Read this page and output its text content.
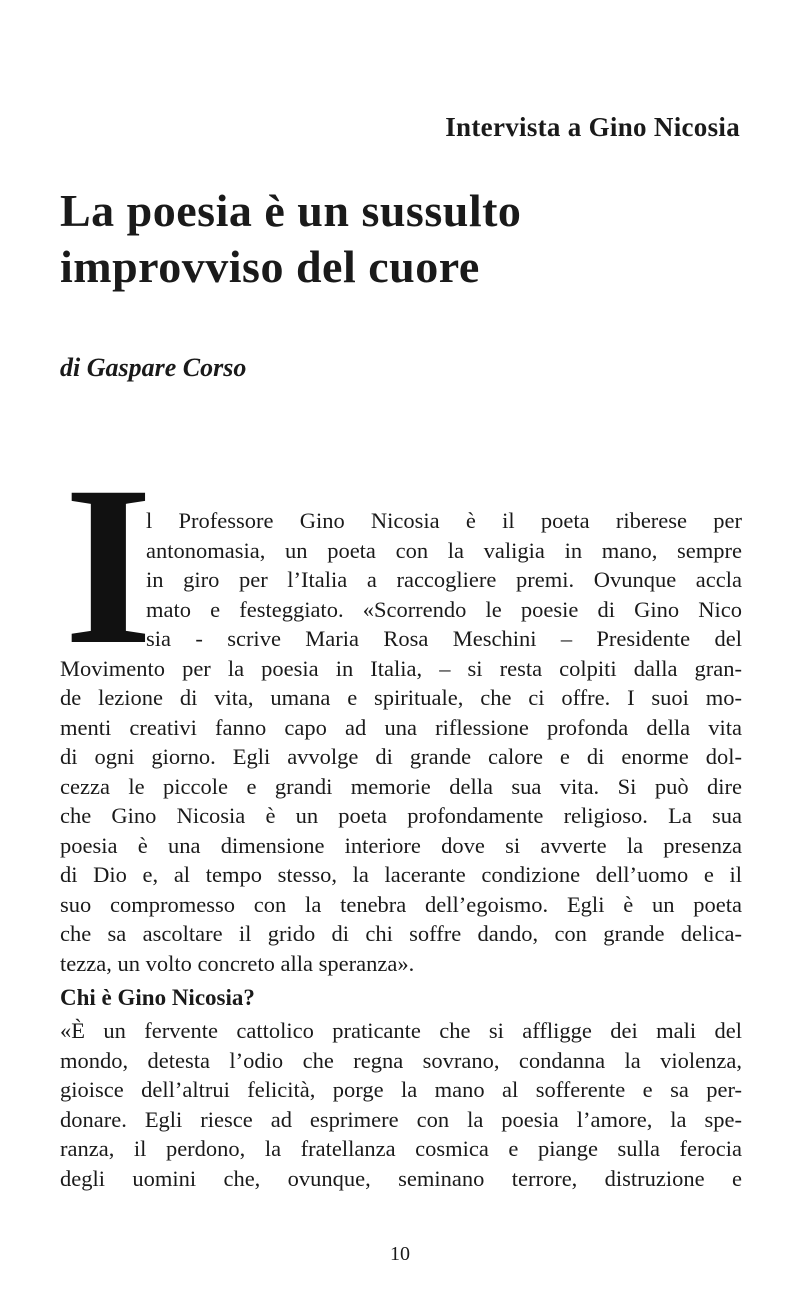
Intervista a Gino Nicosia
La poesia è un sussulto
improvviso del cuore
di Gaspare Corso
I
l Professore Gino Nicosia è il poeta riberese per
antonomasia, un poeta con la valigia in mano, sempre
in giro per l’Italia a raccogliere premi. Ovunque accla
mato e festeggiato. «Scorrendo le poesie di Gino Nico
sia - scrive Maria Rosa Meschini – Presidente del
Movimento per la poesia in Italia, – si resta colpiti dalla gran-
de lezione di vita, umana e spirituale, che ci offre. I suoi mo-
menti creativi fanno capo ad una riflessione profonda della vita
di ogni giorno. Egli avvolge di grande calore e di enorme dol-
cezza le piccole e grandi memorie della sua vita. Si può dire
che Gino Nicosia è un poeta profondamente religioso. La sua
poesia è una dimensione interiore dove si avverte la presenza
di Dio e, al tempo stesso, la lacerante condizione dell’uomo e il
suo compromesso con la tenebra dell’egoismo. Egli è un poeta
che sa ascoltare il grido di chi soffre dando, con grande delica-
tezza, un volto concreto alla speranza».
Chi è Gino Nicosia?
«È un fervente cattolico praticante che si affligge dei mali del
mondo, detesta l’odio che regna sovrano, condanna la violenza,
gioisce dell’altrui felicità, porge la mano al sofferente e sa per-
donare. Egli riesce ad esprimere con la poesia l’amore, la spe-
ranza, il perdono, la fratellanza cosmica e piange sulla ferocia
degli uomini che, ovunque, seminano terrore, distruzione e
10
